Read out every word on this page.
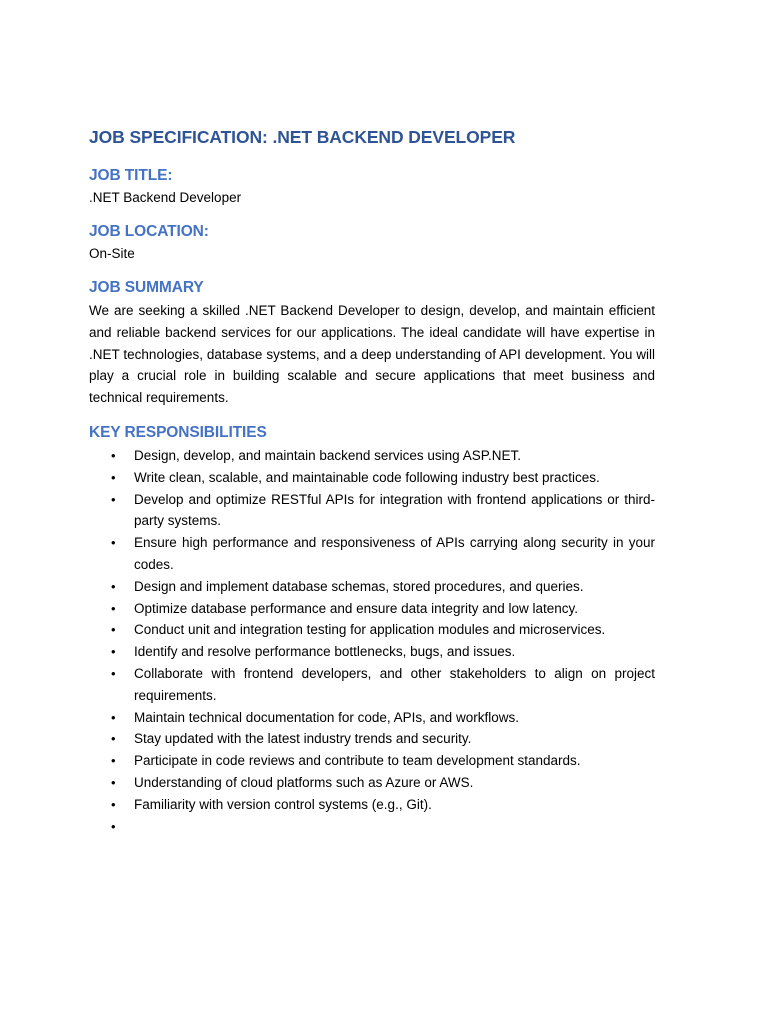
JOB SPECIFICATION: .NET BACKEND DEVELOPER
JOB TITLE:

.NET Backend Developer

JOB LOCATION:

On-Site

JOB SUMMARY

We are seeking a skilled .NET Backend Developer to design, develop, and maintain efficient and reliable backend services for our applications. The ideal candidate will have expertise in .NET technologies, database systems, and a deep understanding of API development. You will play a crucial role in building scalable and secure applications that meet business and technical requirements.

KEY RESPONSIBILITIES
• Design, develop, and maintain backend services using ASP.NET.
• Write clean, scalable, and maintainable code following industry best practices.
• Develop and optimize RESTful APIs for integration with frontend applications or third-party systems.
• Ensure high performance and responsiveness of APIs carrying along security in your codes.
• Design and implement database schemas, stored procedures, and queries.
• Optimize database performance and ensure data integrity and low latency.
• Conduct unit and integration testing for application modules and microservices.
• Identify and resolve performance bottlenecks, bugs, and issues.
• Collaborate with frontend developers, and other stakeholders to align on project requirements.
• Maintain technical documentation for code, APIs, and workflows.
• Stay updated with the latest industry trends and security.
• Participate in code reviews and contribute to team development standards.
• Understanding of cloud platforms such as Azure or AWS.
• Familiarity with version control systems (e.g., Git).
•
